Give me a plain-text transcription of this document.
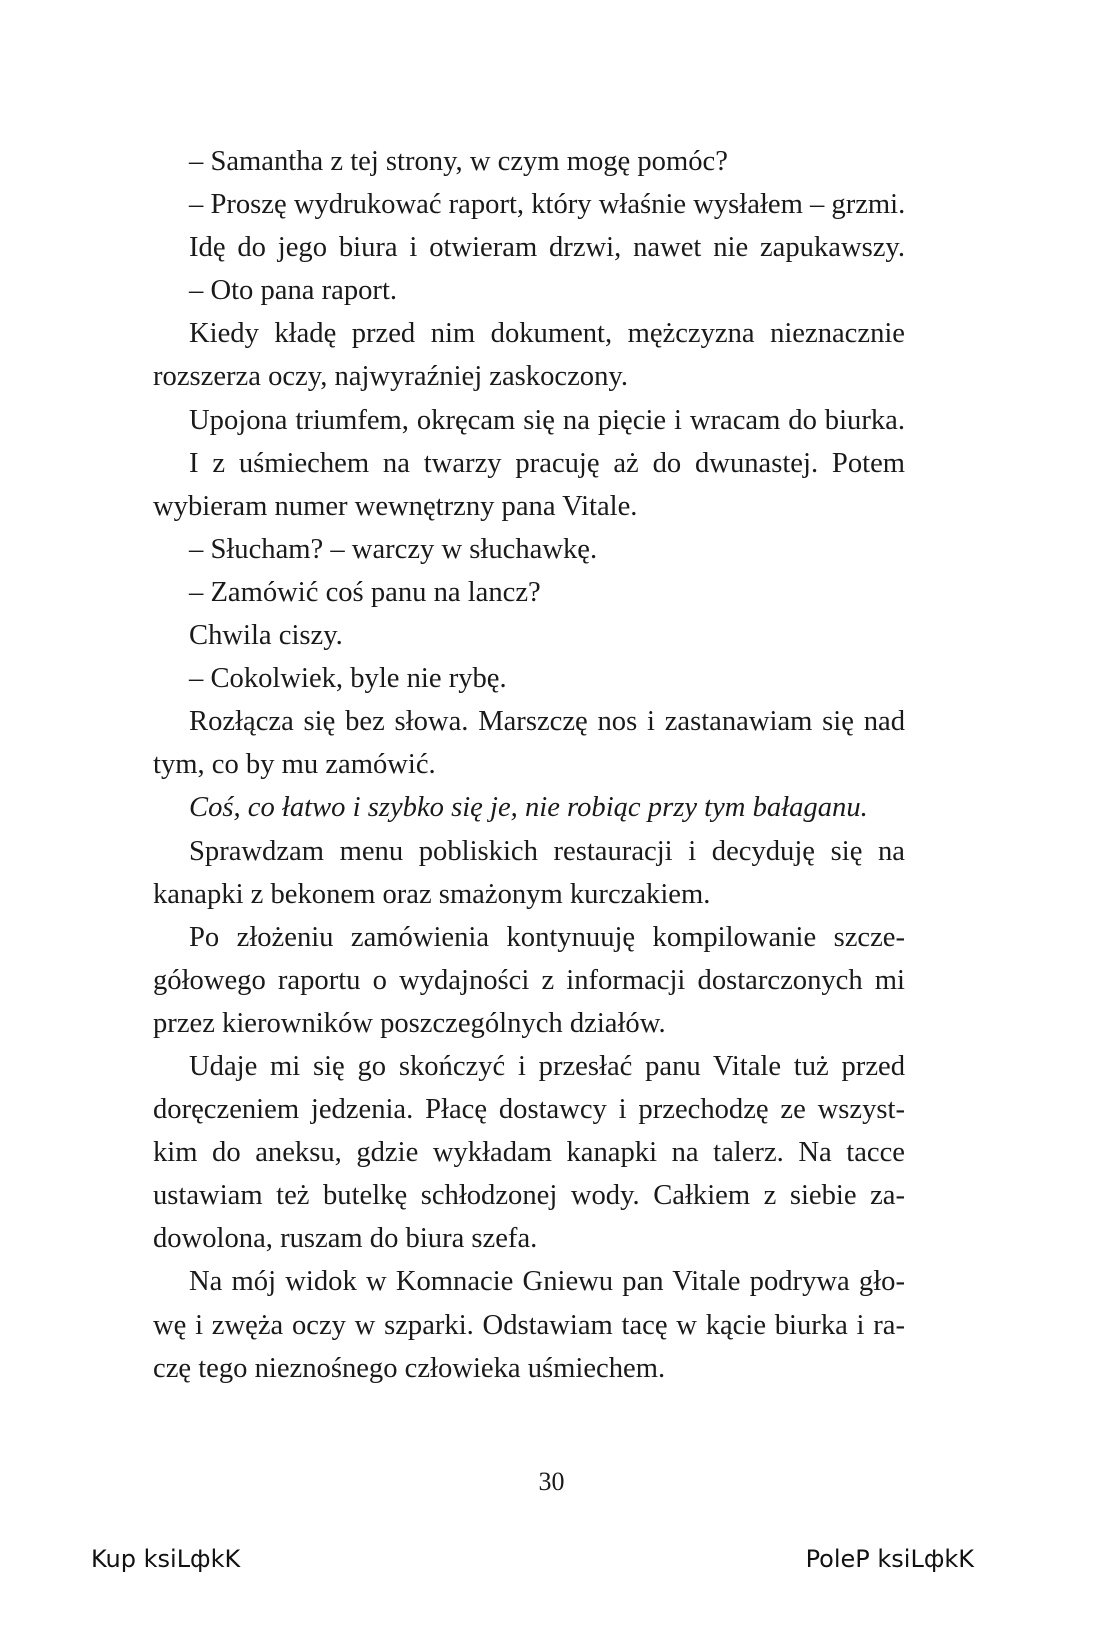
– Samantha z tej strony, w czym mogę pomóc?
– Proszę wydrukować raport, który właśnie wysłałem – grzmi.
Idę do jego biura i otwieram drzwi, nawet nie zapukawszy.
– Oto pana raport.
Kiedy kładę przed nim dokument, mężczyzna nieznacznie
rozszerza oczy, najwyraźniej zaskoczony.
Upojona triumfem, okręcam się na pięcie i wracam do biurka.
I z uśmiechem na twarzy pracuję aż do dwunastej. Potem
wybieram numer wewnętrzny pana Vitale.
– Słucham? – warczy w słuchawkę.
– Zamówić coś panu na lancz?
Chwila ciszy.
– Cokolwiek, byle nie rybę.
Rozłącza się bez słowa. Marszczę nos i zastanawiam się nad
tym, co by mu zamówić.
Coś, co łatwo i szybko się je, nie robiąc przy tym bałaganu.
Sprawdzam menu pobliskich restauracji i decyduję się na
kanapki z bekonem oraz smażonym kurczakiem.
Po złożeniu zamówienia kontynuuję kompilowanie szcze-
gółowego raportu o wydajności z informacji dostarczonych mi
przez kierowników poszczególnych działów.
Udaje mi się go skończyć i przesłać panu Vitale tuż przed
doręczeniem jedzenia. Płacę dostawcy i przechodzę ze wszyst-
kim do aneksu, gdzie wykładam kanapki na talerz. Na tacce
ustawiam też butelkę schłodzonej wody. Całkiem z siebie za-
dowolona, ruszam do biura szefa.
Na mój widok w Komnacie Gniewu pan Vitale podrywa gło-
wę i zwęża oczy w szparki. Odstawiam tacę w kącie biurka i ra-
czę tego nieznośnego człowieka uśmiechem.
30
Kup ksiLфkK	PoleP ksiLфkK
